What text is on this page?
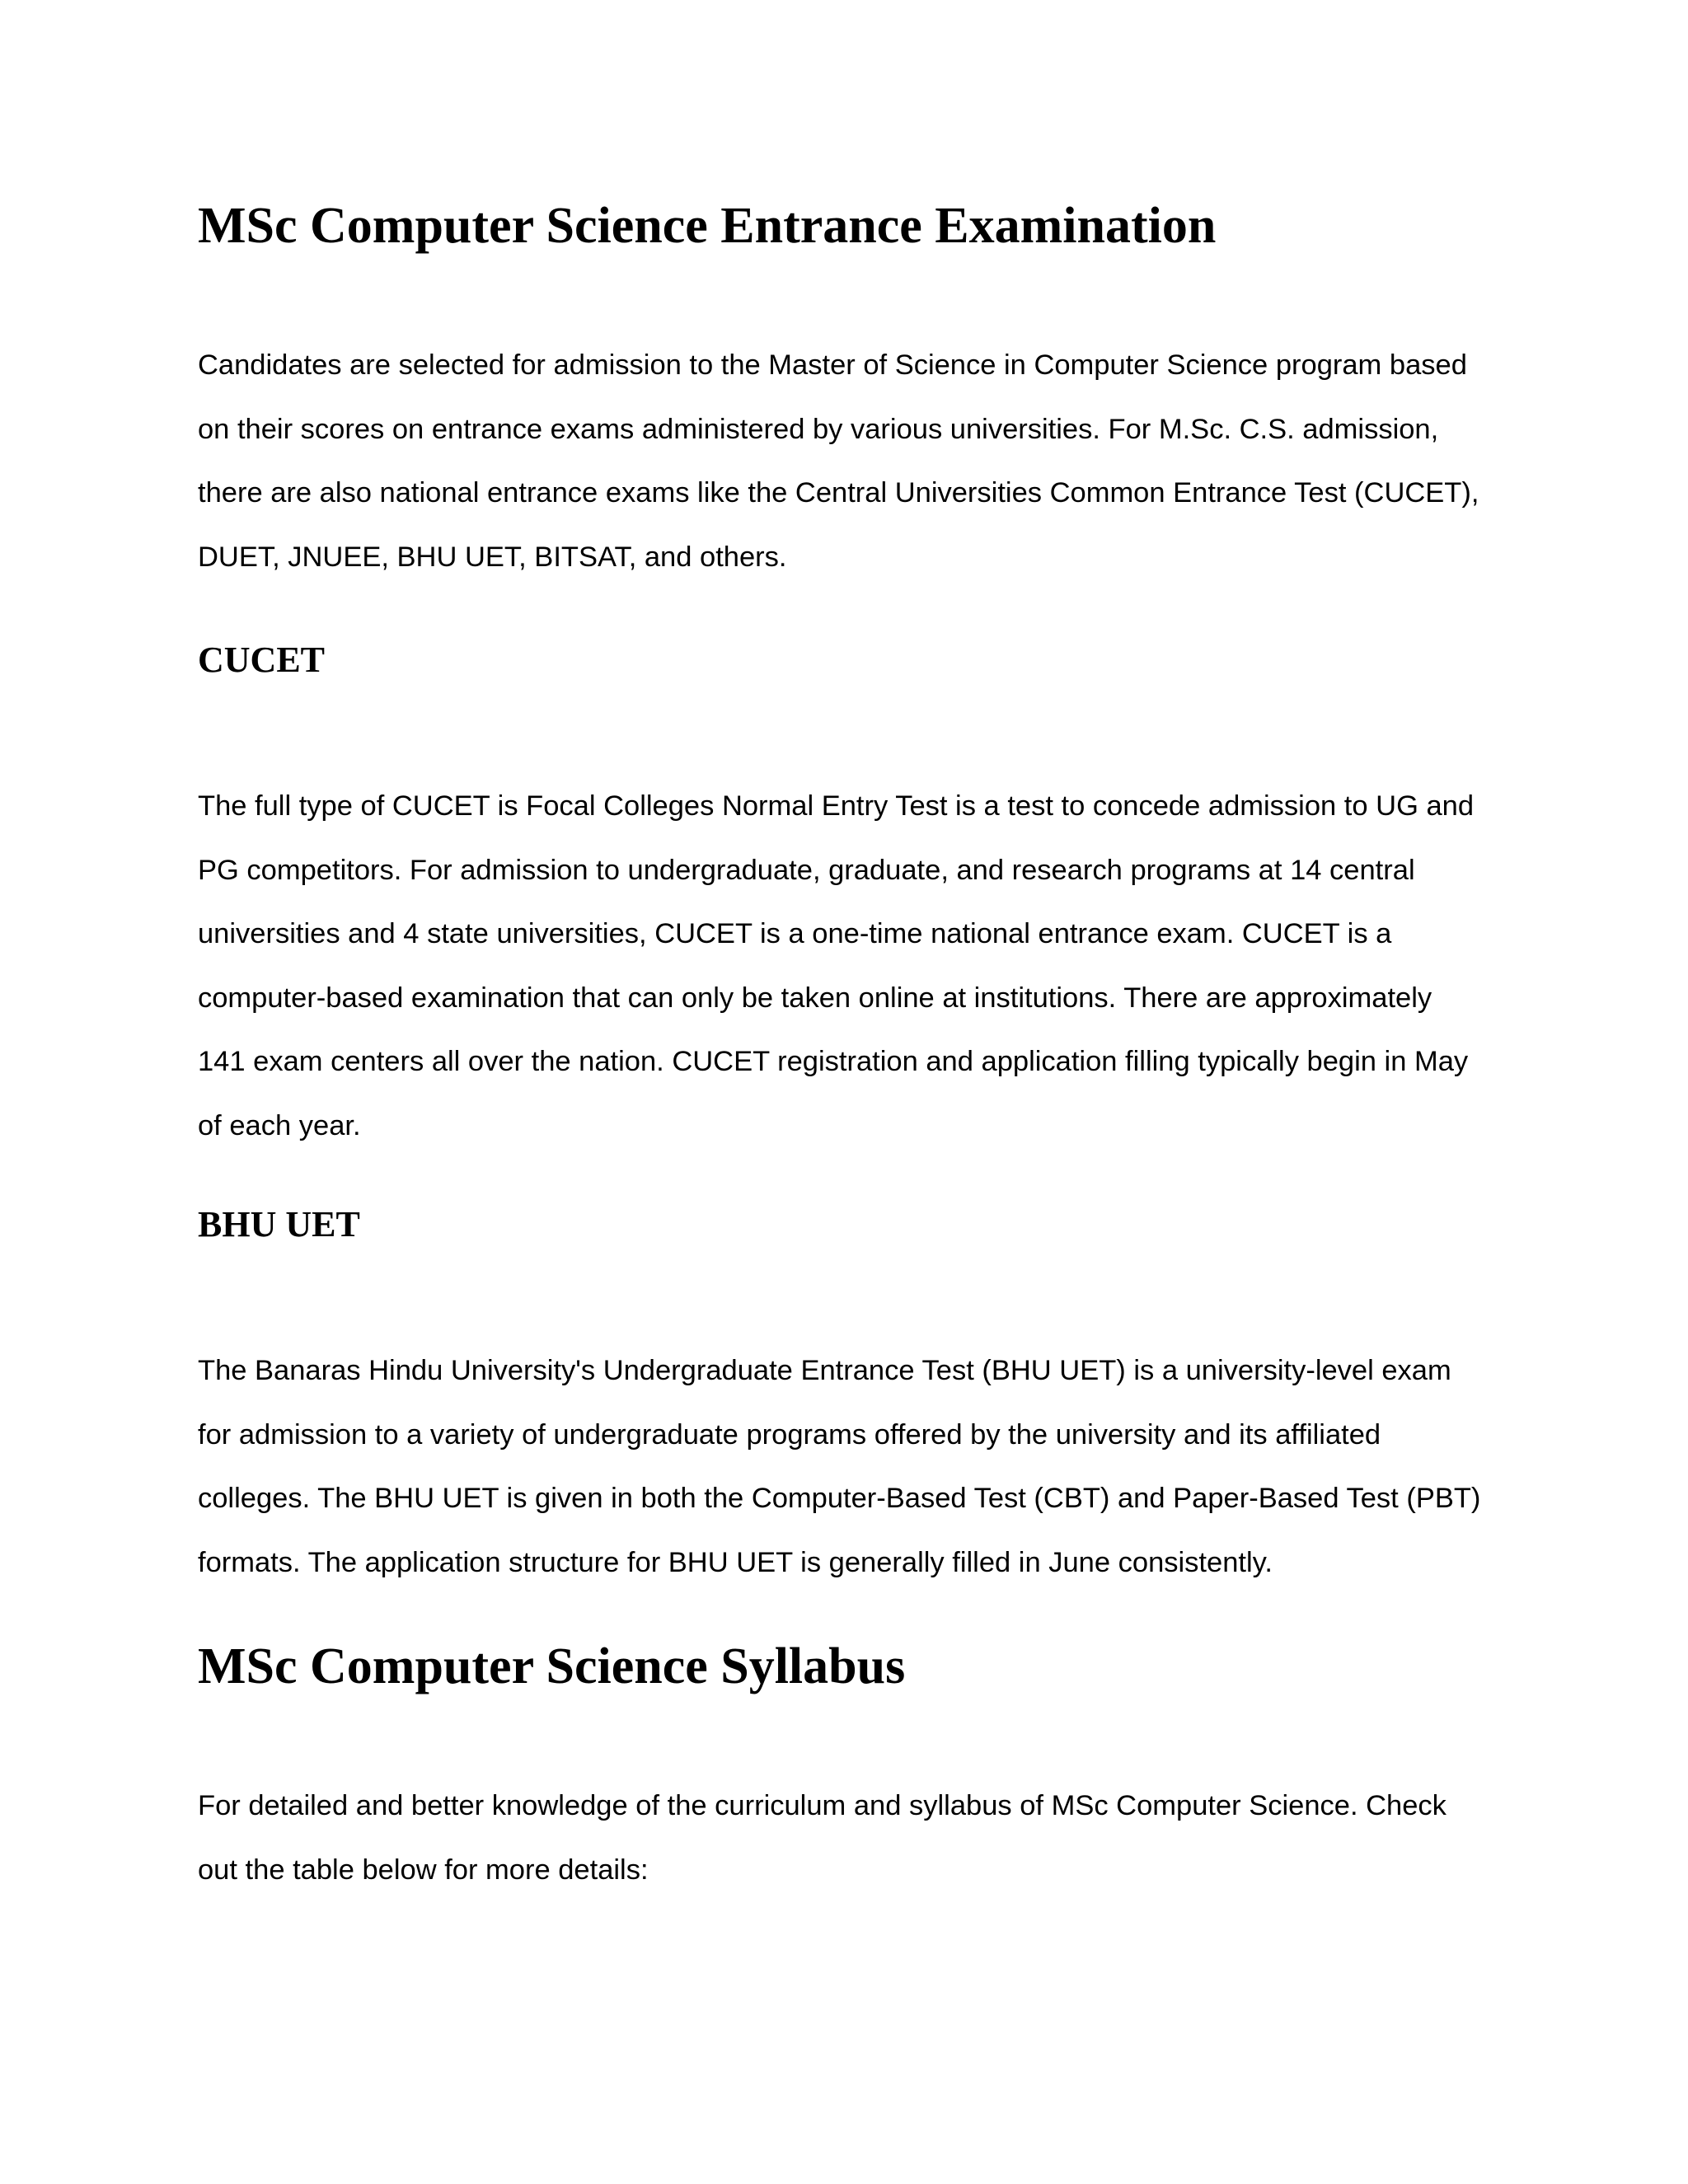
MSc Computer Science Entrance Examination
Candidates are selected for admission to the Master of Science in Computer Science program based
on their scores on entrance exams administered by various universities. For M.Sc. C.S. admission,
there are also national entrance exams like the Central Universities Common Entrance Test (CUCET),
DUET, JNUEE, BHU UET, BITSAT, and others.
CUCET
The full type of CUCET is Focal Colleges Normal Entry Test is a test to concede admission to UG and
PG competitors. For admission to undergraduate, graduate, and research programs at 14 central
universities and 4 state universities, CUCET is a one-time national entrance exam. CUCET is a
computer-based examination that can only be taken online at institutions. There are approximately
141 exam centers all over the nation. CUCET registration and application filling typically begin in May
of each year.
BHU UET
The Banaras Hindu University's Undergraduate Entrance Test (BHU UET) is a university-level exam
for admission to a variety of undergraduate programs offered by the university and its affiliated
colleges. The BHU UET is given in both the Computer-Based Test (CBT) and Paper-Based Test (PBT)
formats. The application structure for BHU UET is generally filled in June consistently.
MSc Computer Science Syllabus
For detailed and better knowledge of the curriculum and syllabus of MSc Computer Science. Check
out the table below for more details:
